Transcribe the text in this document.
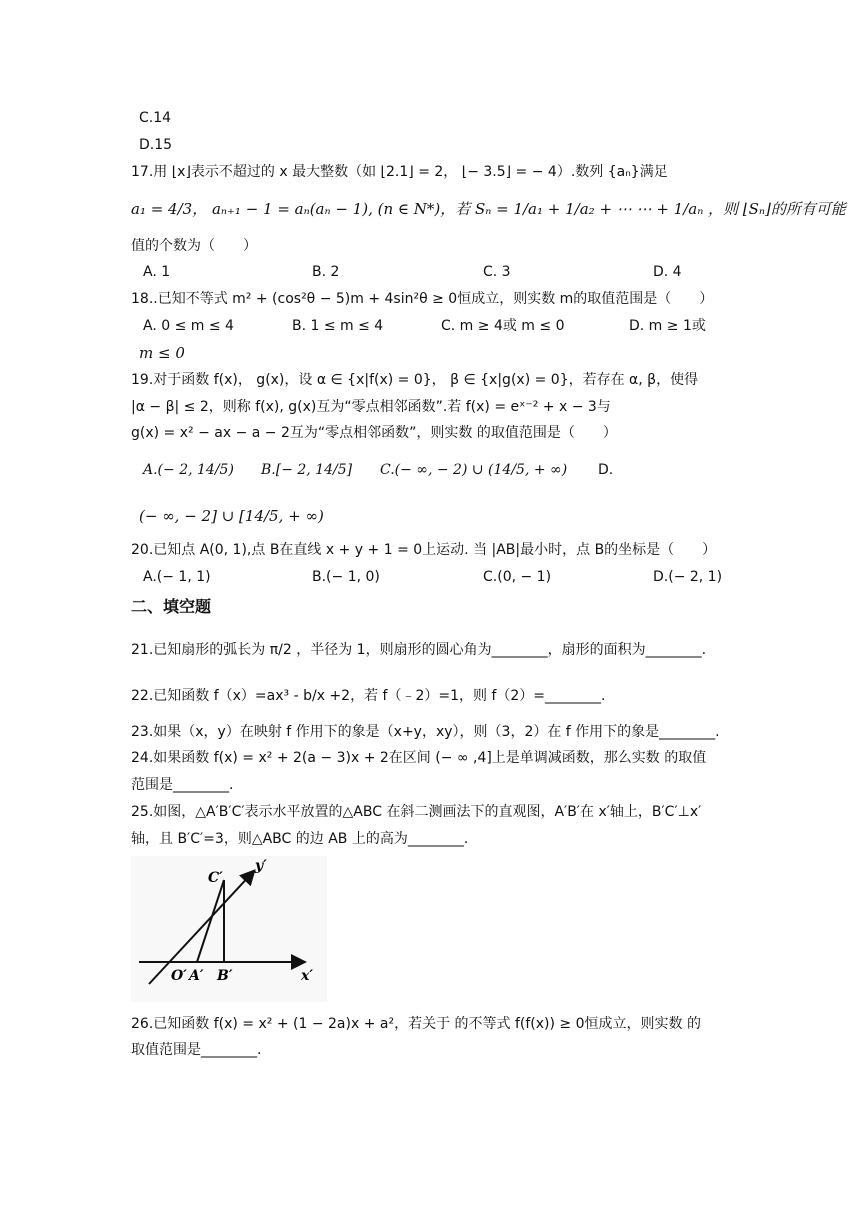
C.14
D.15
17.用 ⌊x⌋表示不超过的 x 最大整数（如 ⌊2.1⌋ = 2， ⌊− 3.5⌋ = − 4）.数列 {aₙ}满足
a₁ = 4/3， aₙ₊₁ − 1 = aₙ(aₙ − 1), (n ∈ N*)，若 Sₙ = 1/a₁ + 1/a₂ + ⋯ ⋯ + 1/aₙ ，则 ⌊Sₙ⌋的所有可能
值的个数为（　　）
A. 1	B. 2	C. 3	D. 4
18..已知不等式 m² + (cos²θ − 5)m + 4sin²θ ≥ 0恒成立，则实数 m的取值范围是（　　）
A. 0 ≤ m ≤ 4	B. 1 ≤ m ≤ 4	C. m ≥ 4或 m ≤ 0	D. m ≥ 1或
m ≤ 0
19.对于函数 f(x)， g(x)，设 α ∈ {x|f(x) = 0}， β ∈ {x|g(x) = 0}，若存在 α, β，使得
|α − β| ≤ 2，则称 f(x), g(x)互为“零点相邻函数”.若 f(x) = eˣ⁻² + x − 3与
g(x) = x² − ax − a − 2互为“零点相邻函数”，则实数 的取值范围是（　　）
A.(− 2, 14/5) B.[− 2, 14/5] C.(− ∞, − 2) ∪ (14/5, + ∞) D.
(− ∞, − 2] ∪ [14/5, + ∞)
20.已知点 A(0, 1),点 B在直线 x + y + 1 = 0上运动. 当 |AB|最小时，点 B的坐标是（　　）
A.(− 1, 1)	B.(− 1, 0)	C.(0, − 1)	D.(− 2, 1)
二、填空题
21.已知扇形的弧长为 π/2 ，半径为 1，则扇形的圆心角为________，扇形的面积为________.
22.已知函数 f（x）=ax³ - b/x +2，若 f（﹣2）=1，则 f（2）=________.
23.如果（x，y）在映射 f 作用下的象是（x+y，xy），则（3，2）在 f 作用下的象是________.
24.如果函数 f(x) = x² + 2(a − 3)x + 2在区间 (− ∞ ,4]上是单调减函数，那么实数 的取值
范围是________.
25.如图，△A′B′C′表示水平放置的△ABC 在斜二测画法下的直观图，A′B′在 x′轴上，B′C′⊥x′
轴，且 B′C′=3，则△ABC 的边 AB 上的高为________.
C′
y′
O′ A′ B′	x′
26.已知函数 f(x) = x² + (1 − 2a)x + a²，若关于 的不等式 f(f(x)) ≥ 0恒成立，则实数 的
取值范围是________.
